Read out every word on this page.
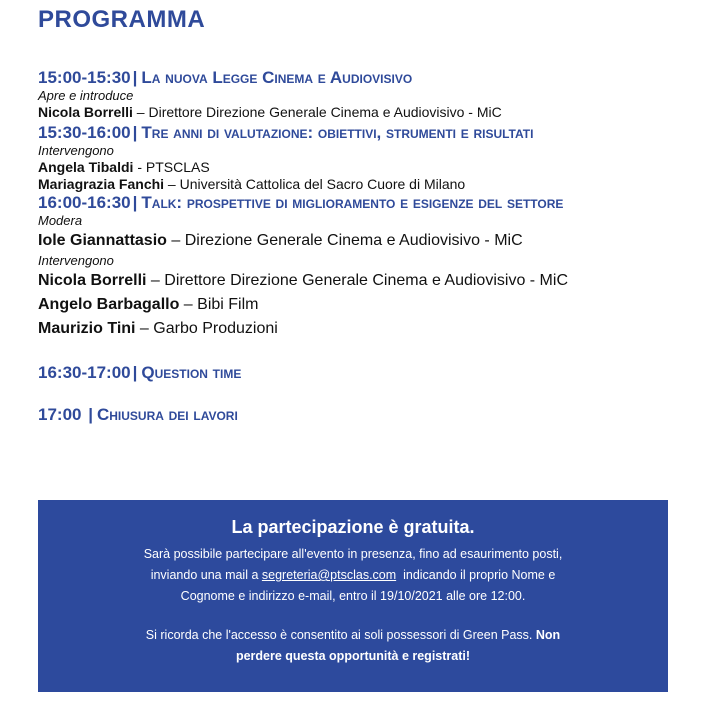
PROGRAMMA
15:00-15:30 | La nuova Legge Cinema e Audiovisivo
Apre e introduce
Nicola Borrelli – Direttore Direzione Generale Cinema e Audiovisivo - MiC
15:30-16:00 | Tre anni di valutazione: obiettivi, strumenti e risultati
Intervengono
Angela Tibaldi - PTSCLAS
Mariagrazia Fanchi – Università Cattolica del Sacro Cuore di Milano
16:00-16:30 | Talk: prospettive di miglioramento e esigenze del settore
Modera
Iole Giannattasio – Direzione Generale Cinema e Audiovisivo - MiC
Intervengono
Nicola Borrelli – Direttore Direzione Generale Cinema e Audiovisivo - MiC
Angelo Barbagallo – Bibi Film
Maurizio Tini – Garbo Produzioni
16:30-17:00 | Question time
17:00 | Chiusura dei lavori
La partecipazione è gratuita.
Sarà possibile partecipare all'evento in presenza, fino ad esaurimento posti,
inviando una mail a segreteria@ptsclas.com  indicando il proprio Nome e
Cognome e indirizzo e-mail, entro il 19/10/2021 alle ore 12:00.
Si ricorda che l'accesso è consentito ai soli possessori di Green Pass. Non
perdere questa opportunità e registrati!
